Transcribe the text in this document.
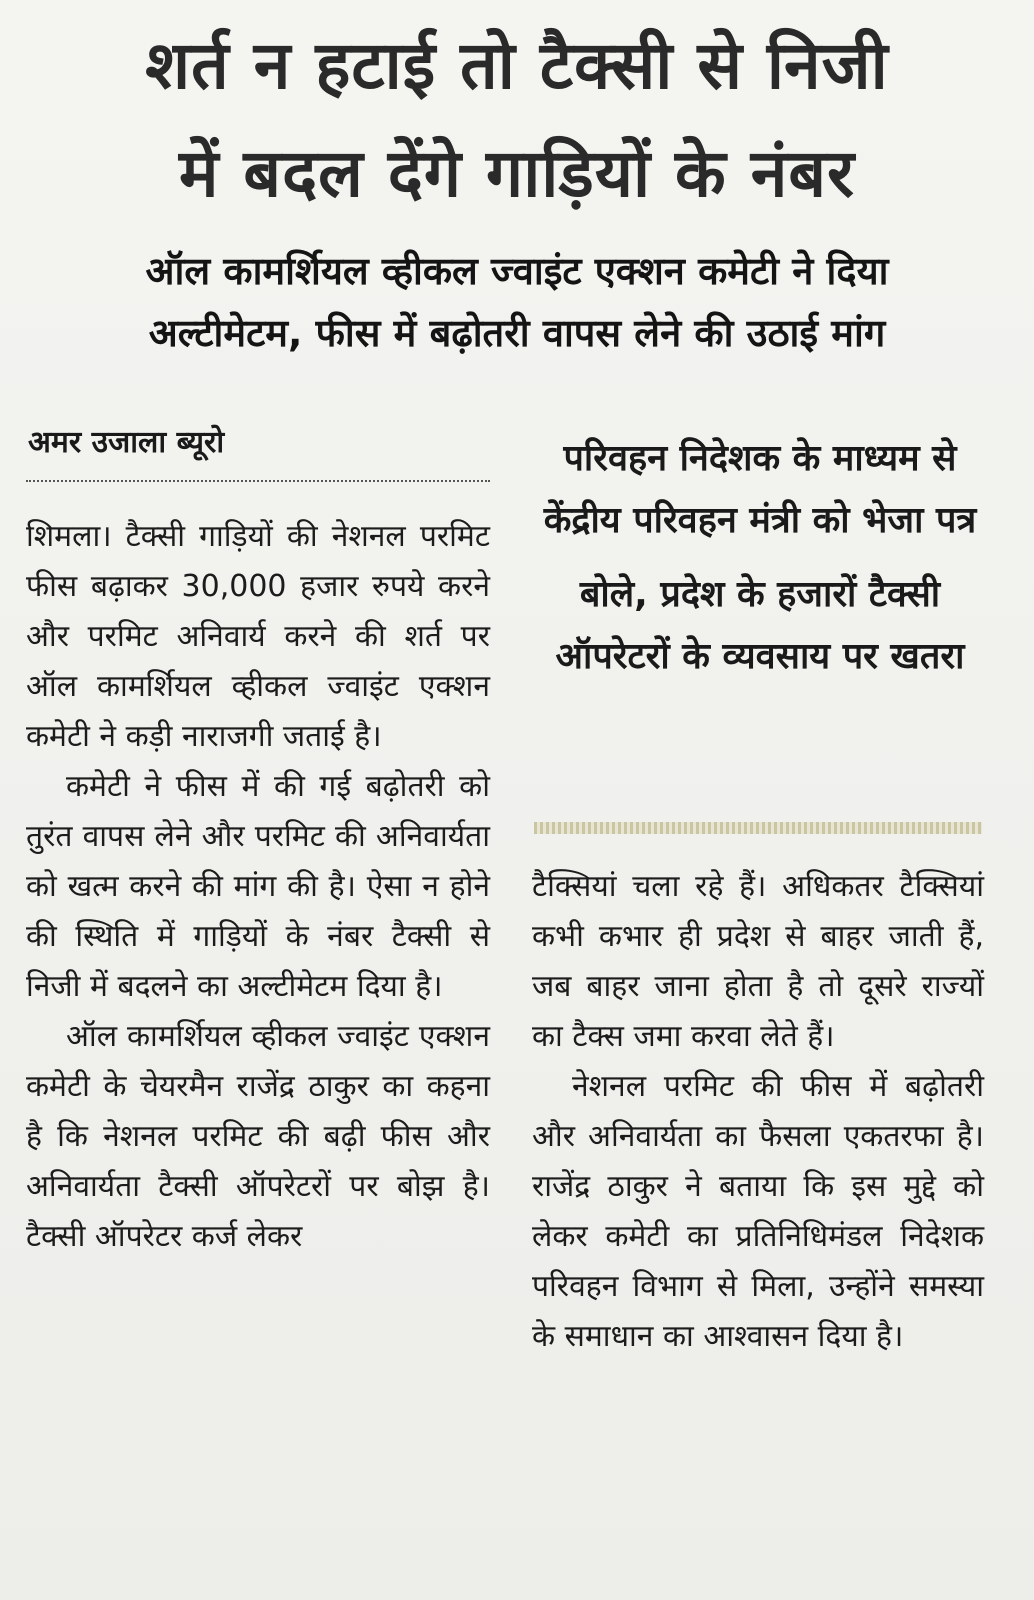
शर्त न हटाई तो टैक्सी से निजी
में बदल देंगे गाड़ियों के नंबर
ऑल कामर्शियल व्हीकल ज्वाइंट एक्शन कमेटी ने दिया
अल्टीमेटम, फीस में बढ़ोतरी वापस लेने की उठाई मांग
अमर उजाला ब्यूरो

शिमला। टैक्सी गाड़ियों की नेशनल परमिट फीस बढ़ाकर 30,000 हजार रुपये करने और परमिट अनिवार्य करने की शर्त पर ऑल कामर्शियल व्हीकल ज्वाइंट एक्शन कमेटी ने कड़ी नाराजगी जताई है।

कमेटी ने फीस में की गई बढ़ोतरी को तुरंत वापस लेने और परमिट की अनिवार्यता को खत्म करने की मांग की है। ऐसा न होने की स्थिति में गाड़ियों के नंबर टैक्सी से निजी में बदलने का अल्टीमेटम दिया है।

ऑल कामर्शियल व्हीकल ज्वाइंट एक्शन कमेटी के चेयरमैन राजेंद्र ठाकुर का कहना है कि नेशनल परमिट की बढ़ी फीस और अनिवार्यता टैक्सी ऑपरेटरों पर बोझ है। टैक्सी ऑपरेटर कर्ज लेकर

परिवहन निदेशक के माध्यम से केंद्रीय परिवहन मंत्री को भेजा पत्र
बोले, प्रदेश के हजारों टैक्सी ऑपरेटरों के व्यवसाय पर खतरा

टैक्सियां चला रहे हैं। अधिकतर टैक्सियां कभी कभार ही प्रदेश से बाहर जाती हैं, जब बाहर जाना होता है तो दूसरे राज्यों का टैक्स जमा करवा लेते हैं।

नेशनल परमिट की फीस में बढ़ोतरी और अनिवार्यता का फैसला एकतरफा है। राजेंद्र ठाकुर ने बताया कि इस मुद्दे को लेकर कमेटी का प्रतिनिधिमंडल निदेशक परिवहन विभाग से मिला, उन्होंने समस्या के समाधान का आश्वासन दिया है।
